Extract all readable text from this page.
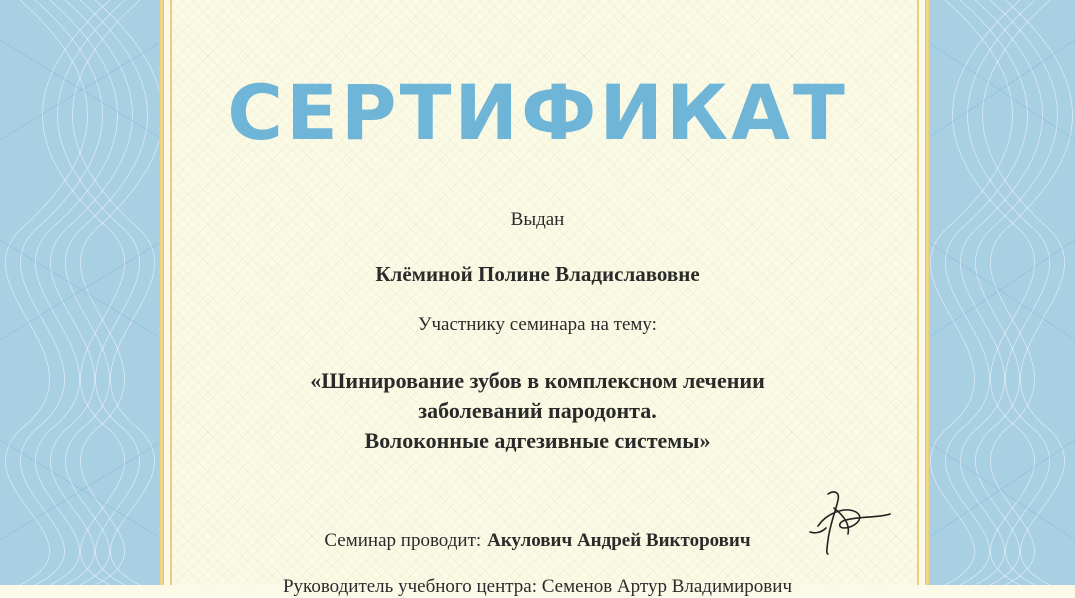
СЕРТИФИКАТ

Выдан

Клёминой Полине Владиславовне

Участнику семинара на тему:

«Шинирование зубов в комплексном лечении
заболеваний пародонта.
Волоконные адгезивные системы»

Семинар проводит: Акулович Андрей Викторович

Руководитель учебного центра: Семенов Артур Владимирович
